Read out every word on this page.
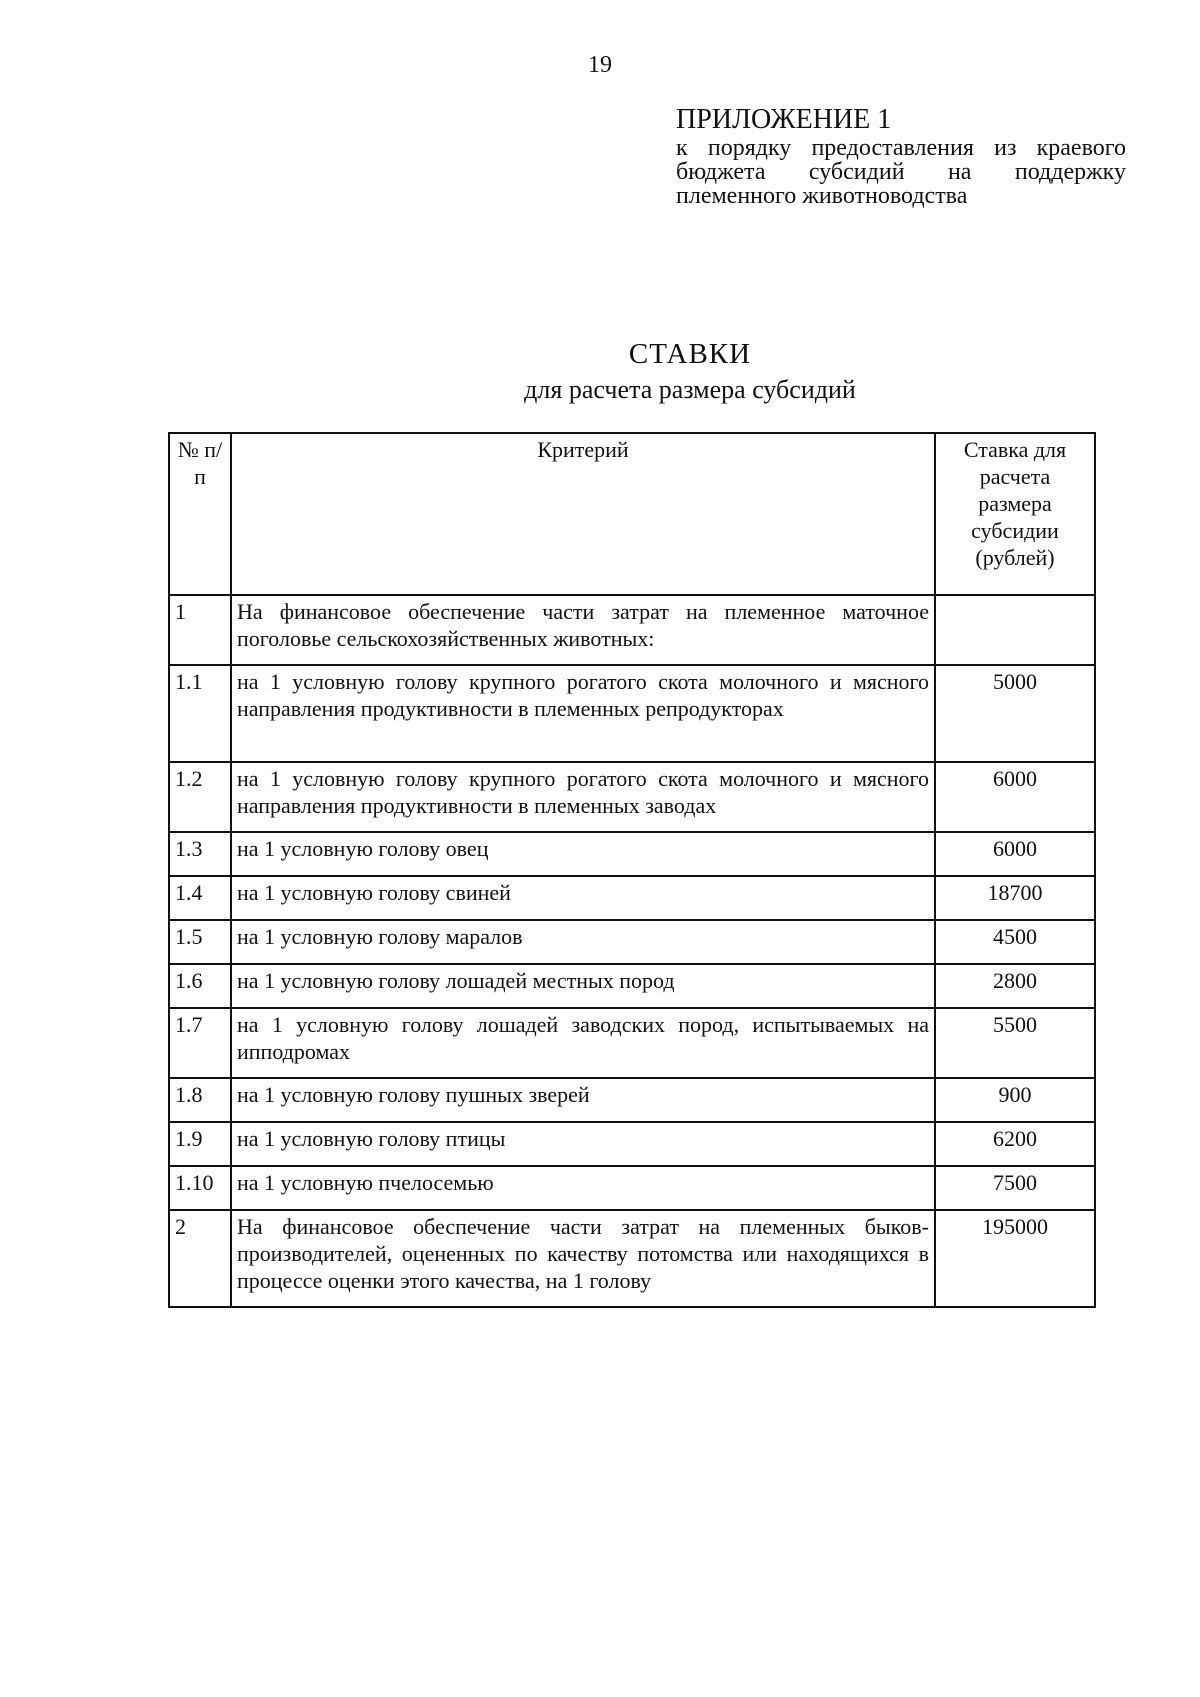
19
ПРИЛОЖЕНИЕ 1
к порядку предоставления из краевого бюджета субсидий на поддержку племенного животноводства
СТАВКИ
для расчета размера субсидий
№ п/п	Критерий	Ставка для расчета размера субсидии (рублей)
1	На финансовое обеспечение части затрат на племенное маточное поголовье сельскохозяйственных животных:	
1.1	на 1 условную голову крупного рогатого скота молочного и мясного направления продуктивности в племенных репродукторах	5000
1.2	на 1 условную голову крупного рогатого скота молочного и мясного направления продуктивности в племенных заводах	6000
1.3	на 1 условную голову овец	6000
1.4	на 1 условную голову свиней	18700
1.5	на 1 условную голову маралов	4500
1.6	на 1 условную голову лошадей местных пород	2800
1.7	на 1 условную голову лошадей заводских пород, испытываемых на ипподромах	5500
1.8	на 1 условную голову пушных зверей	900
1.9	на 1 условную голову птицы	6200
1.10	на 1 условную пчелосемью	7500
2	На финансовое обеспечение части затрат на племенных быков-производителей, оцененных по качеству потомства или находящихся в процессе оценки этого качества, на 1 голову	195000
